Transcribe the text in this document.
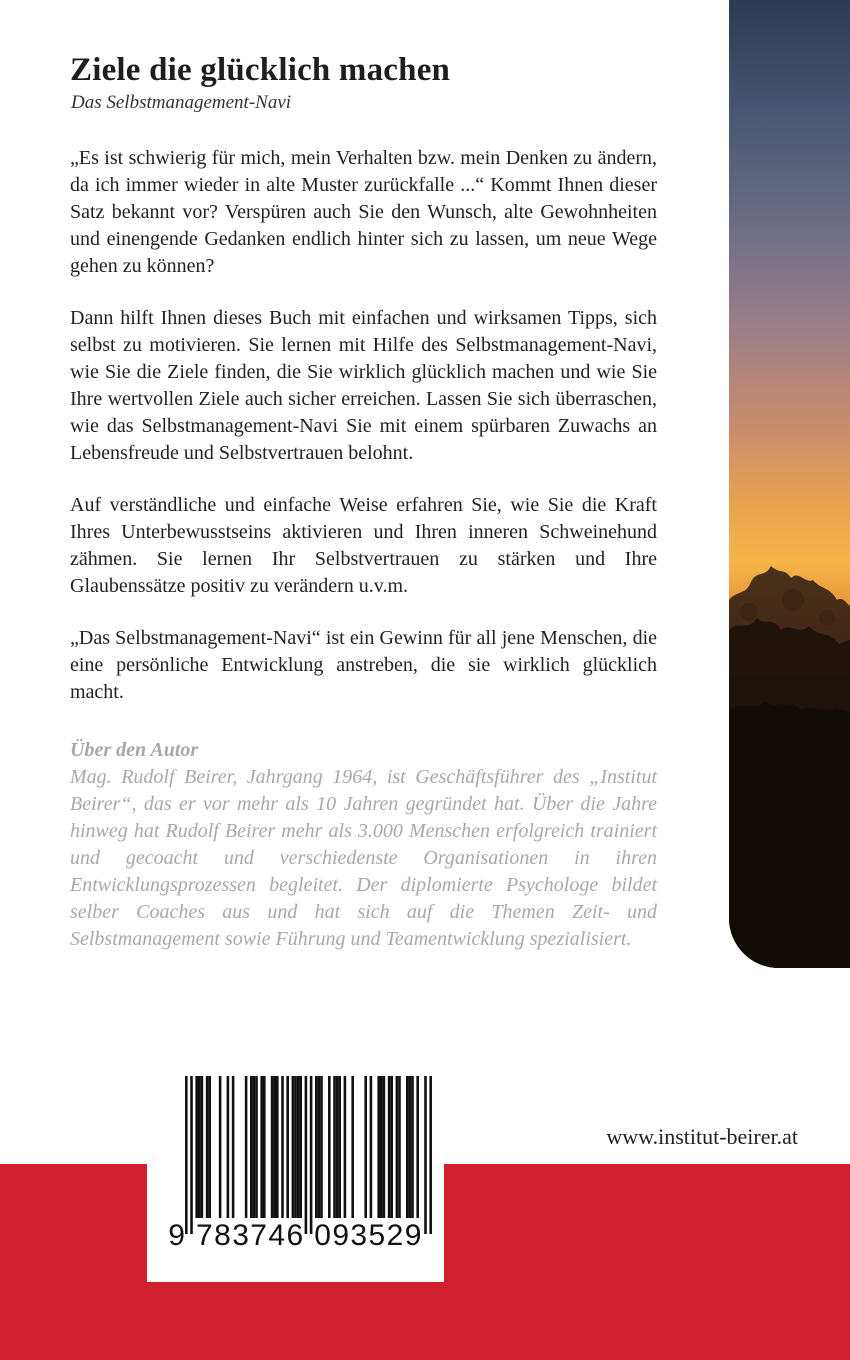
Ziele die glücklich machen

Das Selbstmanagement-Navi

„Es ist schwierig für mich, mein Verhalten bzw. mein Denken zu ändern, da ich immer wieder in alte Muster zurückfalle ...“ Kommt Ihnen dieser Satz bekannt vor? Verspüren auch Sie den Wunsch, alte Gewohnheiten und einengende Gedanken endlich hinter sich zu lassen, um neue Wege gehen zu können?

Dann hilft Ihnen dieses Buch mit einfachen und wirksamen Tipps, sich selbst zu motivieren. Sie lernen mit Hilfe des Selbstmanagement-Navi, wie Sie die Ziele finden, die Sie wirklich glücklich machen und wie Sie Ihre wertvollen Ziele auch sicher erreichen. Lassen Sie sich überraschen, wie das Selbstmanagement-Navi Sie mit einem spürbaren Zuwachs an Lebensfreude und Selbstvertrauen belohnt.

Auf verständliche und einfache Weise erfahren Sie, wie Sie die Kraft Ihres Unterbewusstseins aktivieren und Ihren inneren Schweinehund zähmen. Sie lernen Ihr Selbstvertrauen zu stärken und Ihre Glaubenssätze positiv zu verändern u.v.m.

„Das Selbstmanagement-Navi“ ist ein Gewinn für all jene Menschen, die eine persönliche Entwicklung anstreben, die sie wirklich glücklich macht.

Über den Autor

Mag. Rudolf Beirer, Jahrgang 1964, ist Geschäftsführer des „Institut Beirer“, das er vor mehr als 10 Jahren gegründet hat. Über die Jahre hinweg hat Rudolf Beirer mehr als 3.000 Menschen erfolgreich trainiert und gecoacht und verschiedenste Organisationen in ihren Entwicklungsprozessen begleitet. Der diplomierte Psychologe bildet selber Coaches aus und hat sich auf die Themen Zeit- und Selbstmanagement sowie Führung und Teamentwicklung spezialisiert.

www.institut-beirer.at

9 783746 093529
